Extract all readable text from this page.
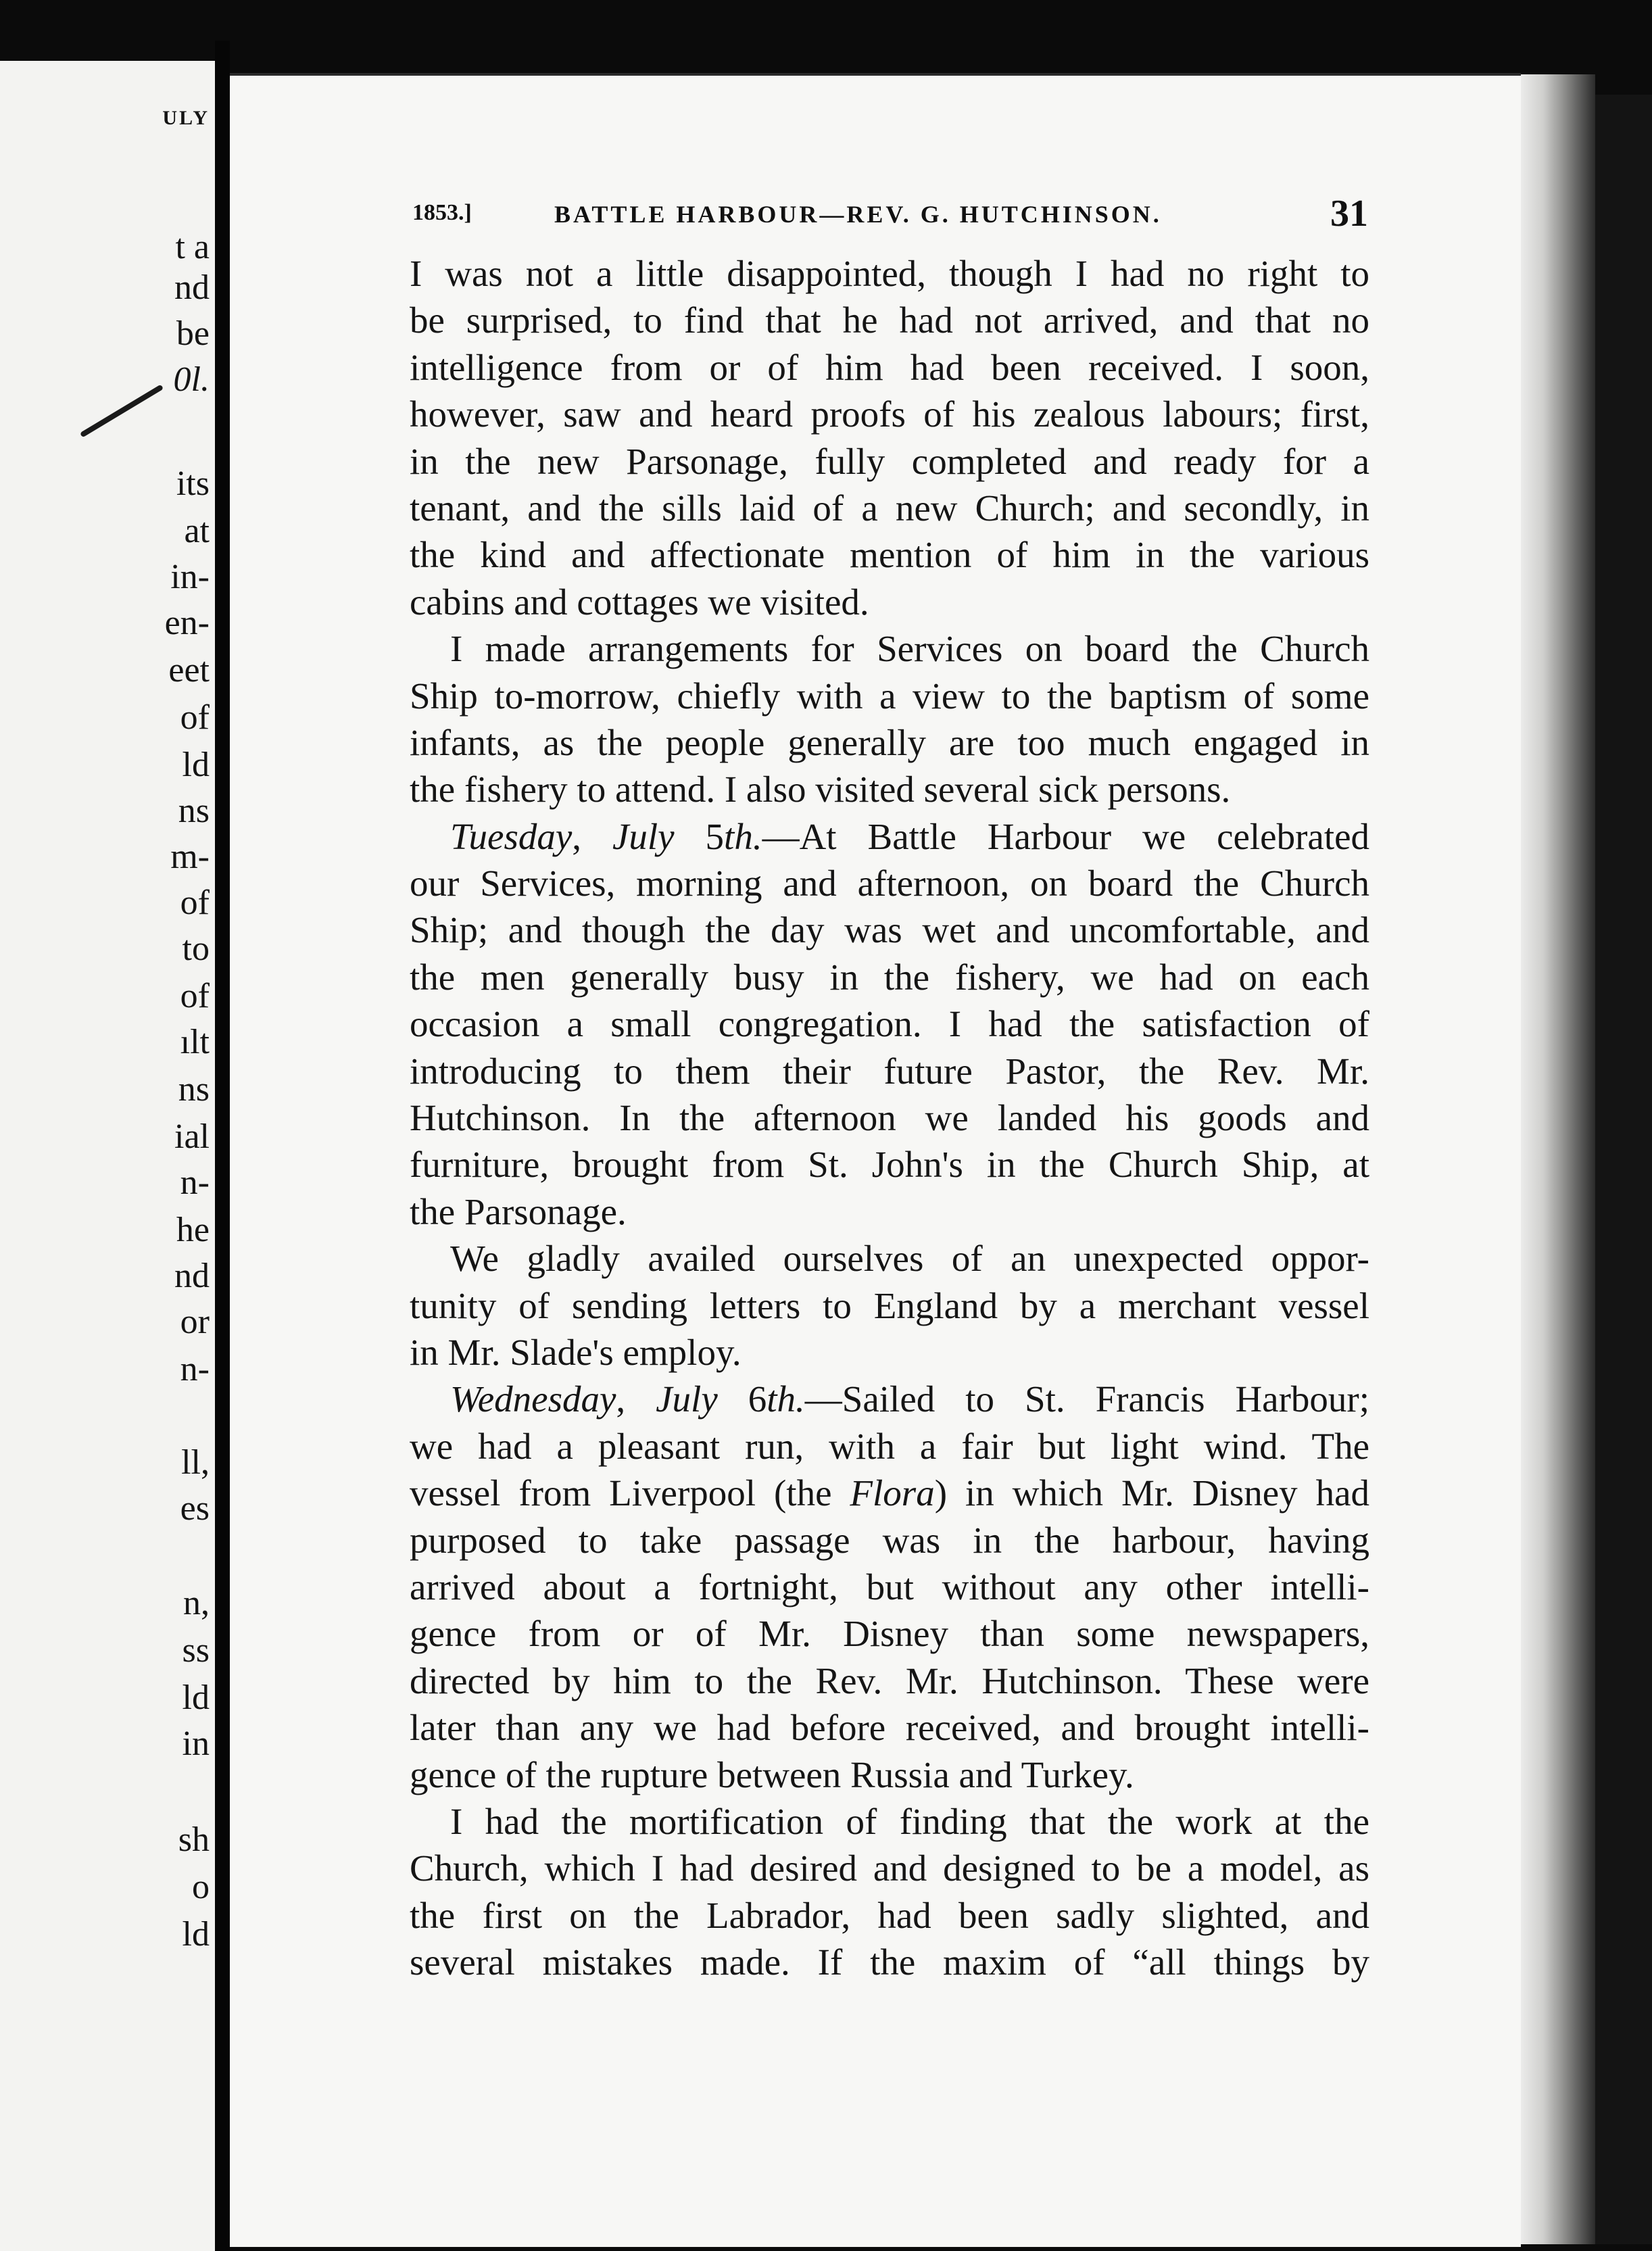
ULY
t a
nd
be
0l.
its
at
in-
en-
eet
of
ld
ns
m-
of
to
of
ılt
ns
ial
n-
he
nd
or
n-
ll,
es
n,
ss
ld
in
sh
o
ld
1853.]	BATTLE HARBOUR—REV. G. HUTCHINSON.	31
I was not a little disappointed, though I had no right to
be surprised, to find that he had not arrived, and that no
intelligence from or of him had been received. I soon,
however, saw and heard proofs of his zealous labours; first,
in the new Parsonage, fully completed and ready for a
tenant, and the sills laid of a new Church; and secondly, in
the kind and affectionate mention of him in the various
cabins and cottages we visited.
I made arrangements for Services on board the Church
Ship to-morrow, chiefly with a view to the baptism of some
infants, as the people generally are too much engaged in
the fishery to attend. I also visited several sick persons.
Tuesday, July 5th.—At Battle Harbour we celebrated
our Services, morning and afternoon, on board the Church
Ship; and though the day was wet and uncomfortable, and
the men generally busy in the fishery, we had on each
occasion a small congregation. I had the satisfaction of
introducing to them their future Pastor, the Rev. Mr.
Hutchinson. In the afternoon we landed his goods and
furniture, brought from St. John's in the Church Ship, at
the Parsonage.
We gladly availed ourselves of an unexpected oppor-
tunity of sending letters to England by a merchant vessel
in Mr. Slade's employ.
Wednesday, July 6th.—Sailed to St. Francis Harbour;
we had a pleasant run, with a fair but light wind. The
vessel from Liverpool (the Flora) in which Mr. Disney had
purposed to take passage was in the harbour, having
arrived about a fortnight, but without any other intelli-
gence from or of Mr. Disney than some newspapers,
directed by him to the Rev. Mr. Hutchinson. These were
later than any we had before received, and brought intelli-
gence of the rupture between Russia and Turkey.
I had the mortification of finding that the work at the
Church, which I had desired and designed to be a model, as
the first on the Labrador, had been sadly slighted, and
several mistakes made. If the maxim of “all things by
